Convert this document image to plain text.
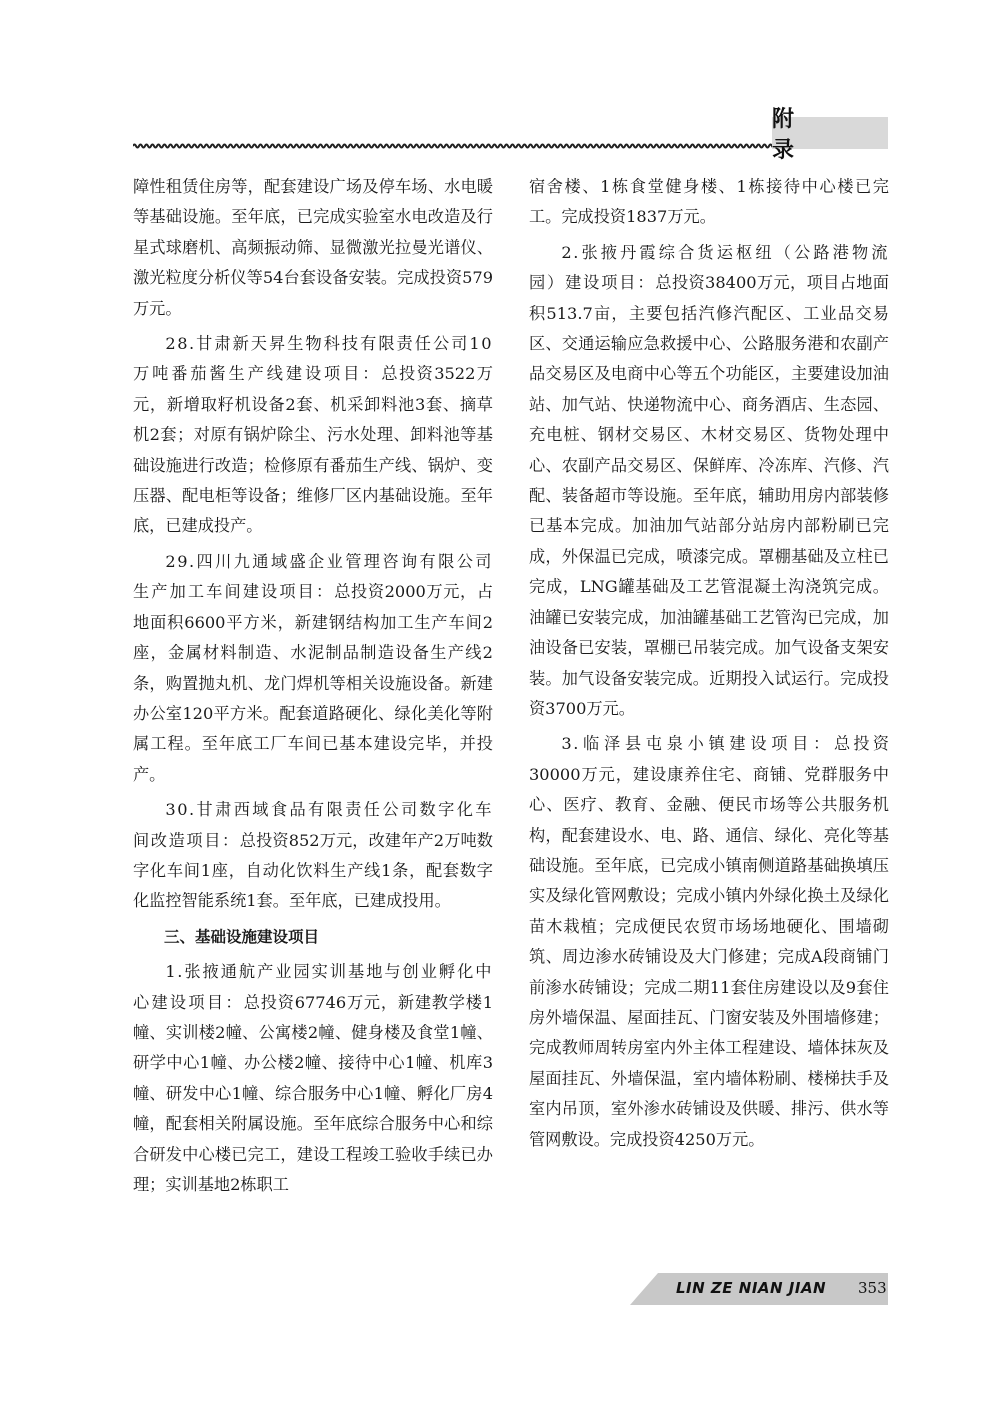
附 录

障性租赁住房等，配套建设广场及停车场、水电暖等基础设施。至年底，已完成实验室水电改造及行星式球磨机、高频振动筛、显微激光拉曼光谱仪、激光粒度分析仪等54台套设备安装。完成投资579万元。

28.甘肃新天昇生物科技有限责任公司10万吨番茄酱生产线建设项目：总投资3522万元，新增取籽机设备2套、机采卸料池3套、摘草机2套；对原有锅炉除尘、污水处理、卸料池等基础设施进行改造；检修原有番茄生产线、锅炉、变压器、配电柜等设备；维修厂区内基础设施。至年底，已建成投产。

29.四川九通域盛企业管理咨询有限公司生产加工车间建设项目：总投资2000万元，占地面积6600平方米，新建钢结构加工生产车间2座，金属材料制造、水泥制品制造设备生产线2条，购置抛丸机、龙门焊机等相关设施设备。新建办公室120平方米。配套道路硬化、绿化美化等附属工程。至年底工厂车间已基本建设完毕，并投产。

30.甘肃西域食品有限责任公司数字化车间改造项目：总投资852万元，改建年产2万吨数字化车间1座，自动化饮料生产线1条，配套数字化监控智能系统1套。至年底，已建成投用。

三、基础设施建设项目

1.张掖通航产业园实训基地与创业孵化中心建设项目：总投资67746万元，新建教学楼1幢、实训楼2幢、公寓楼2幢、健身楼及食堂1幢、研学中心1幢、办公楼2幢、接待中心1幢、机库3幢、研发中心1幢、综合服务中心1幢、孵化厂房4幢，配套相关附属设施。至年底综合服务中心和综合研发中心楼已完工，建设工程竣工验收手续已办理；实训基地2栋职工

宿舍楼、1栋食堂健身楼、1栋接待中心楼已完工。完成投资1837万元。

2.张掖丹霞综合货运枢纽（公路港物流园）建设项目：总投资38400万元，项目占地面积513.7亩，主要包括汽修汽配区、工业品交易区、交通运输应急救援中心、公路服务港和农副产品交易区及电商中心等五个功能区，主要建设加油站、加气站、快递物流中心、商务酒店、生态园、充电桩、钢材交易区、木材交易区、货物处理中心、农副产品交易区、保鲜库、冷冻库、汽修、汽配、装备超市等设施。至年底，辅助用房内部装修已基本完成。加油加气站部分站房内部粉刷已完成，外保温已完成，喷漆完成。罩棚基础及立柱已完成，LNG罐基础及工艺管混凝土沟浇筑完成。油罐已安装完成，加油罐基础工艺管沟已完成，加油设备已安装，罩棚已吊装完成。加气设备支架安装。加气设备安装完成。近期投入试运行。完成投资3700万元。

3.临泽县屯泉小镇建设项目：总投资30000万元，建设康养住宅、商铺、党群服务中心、医疗、教育、金融、便民市场等公共服务机构，配套建设水、电、路、通信、绿化、亮化等基础设施。至年底，已完成小镇南侧道路基础换填压实及绿化管网敷设；完成小镇内外绿化换土及绿化苗木栽植；完成便民农贸市场场地硬化、围墙砌筑、周边渗水砖铺设及大门修建；完成A段商铺门前渗水砖铺设；完成二期11套住房建设以及9套住房外墙保温、屋面挂瓦、门窗安装及外围墙修建；完成教师周转房室内外主体工程建设、墙体抹灰及屋面挂瓦、外墙保温，室内墙体粉刷、楼梯扶手及室内吊顶，室外渗水砖铺设及供暖、排污、供水等管网敷设。完成投资4250万元。

LIN ZE NIAN JIAN 353
